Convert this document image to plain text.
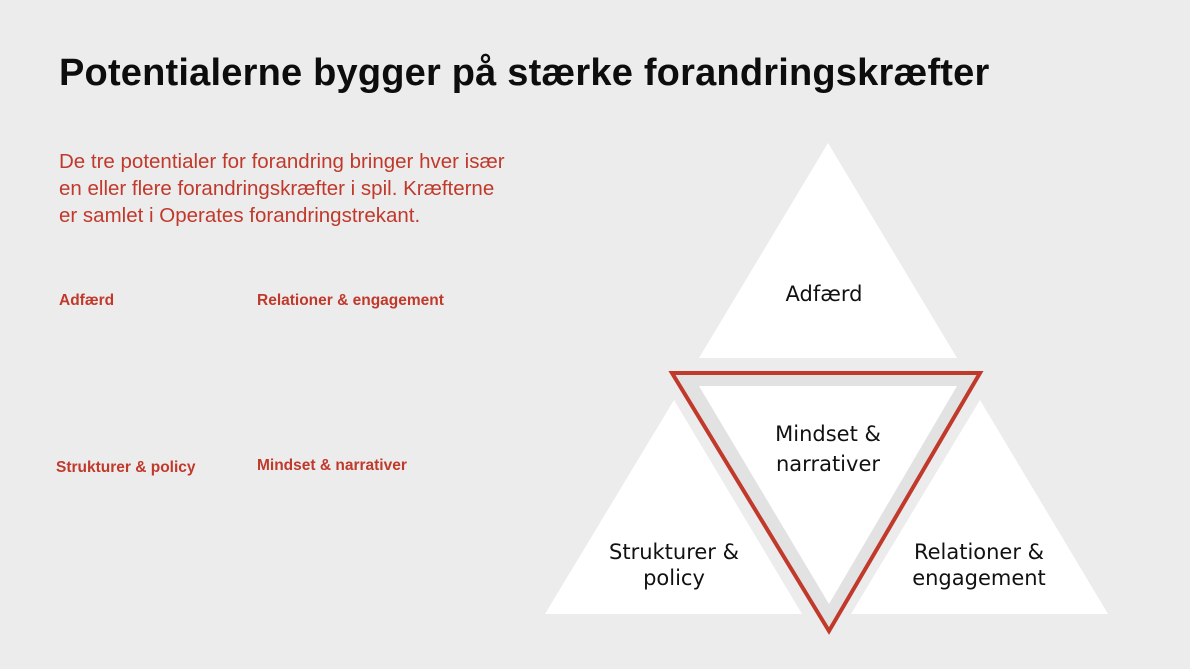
Potentialerne bygger på stærke forandringskræfter

De tre potentialer for forandring bringer hver især en eller flere forandringskræfter i spil. Kræfterne er samlet i Operates forandringstrekant.

Adfærd	Relationer & engagement
Strukturer & policy	Mindset & narrativer
Adfærd
Mindset &
narrativer
Strukturer &
policy
Relationer &
engagement
